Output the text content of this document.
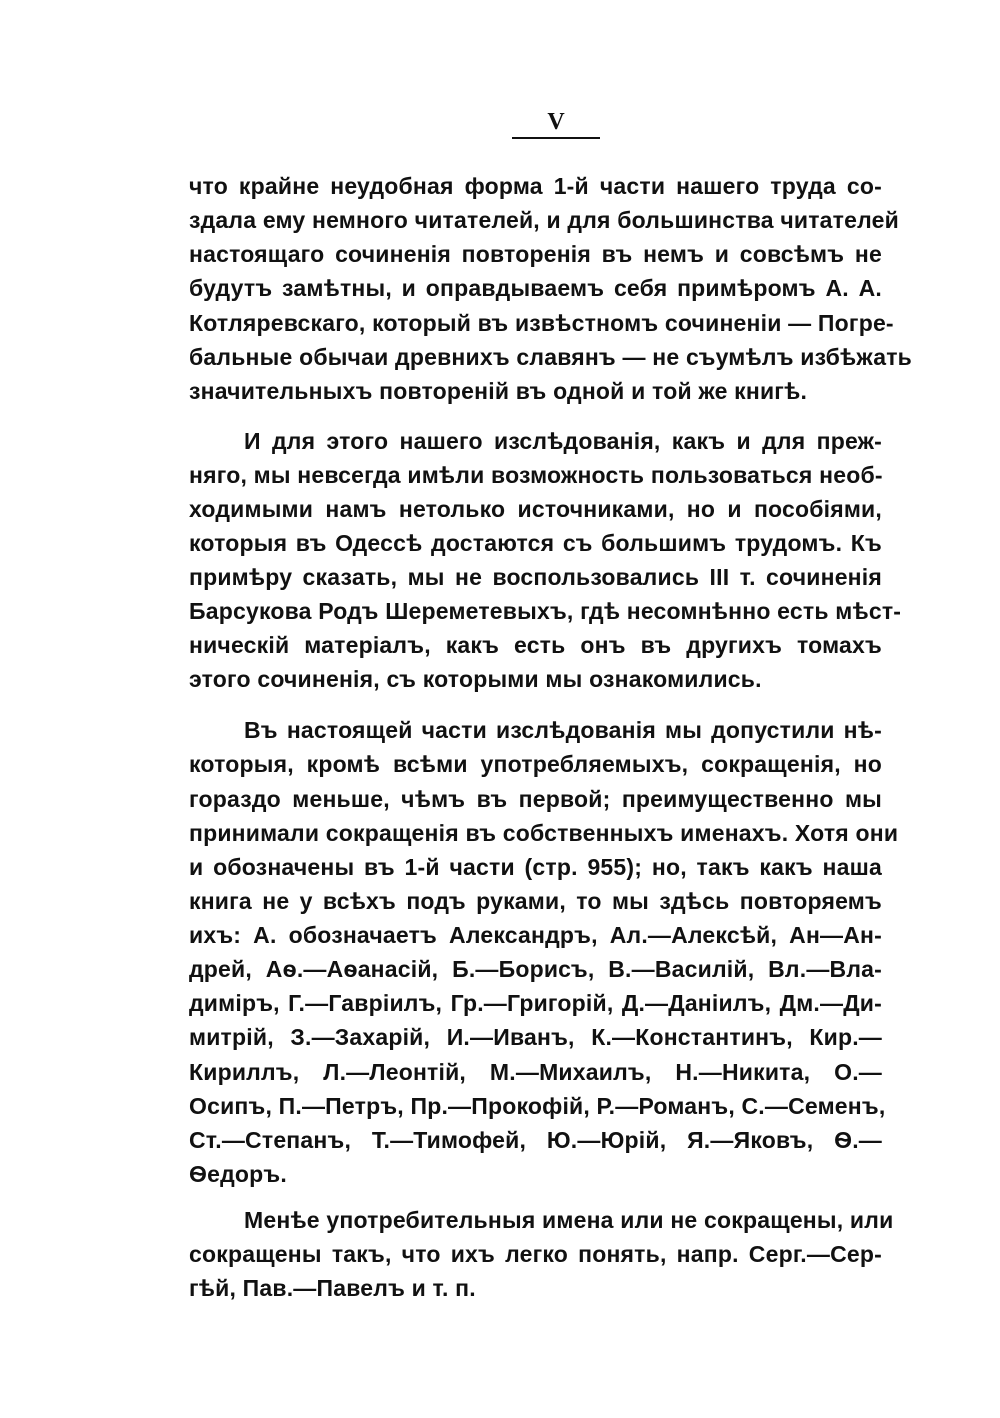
V
что крайне неудобная форма 1-й части нашего труда со-
здала ему немного читателей, и для большинства читателей
настоящаго сочиненія повторенія въ немъ и совсѣмъ не
будутъ замѣтны, и оправдываемъ себя примѣромъ А. А.
Котляревскаго, который въ извѣстномъ сочиненіи — Погре-
бальные обычаи древнихъ славянъ — не съумѣлъ избѣжать
значительныхъ повтореній въ одной и той же книгѣ.
И для этого нашего изслѣдованія, какъ и для преж-
няго, мы невсегда имѣли возможность пользоваться необ-
ходимыми намъ нетолько источниками, но и пособіями,
которыя въ Одессѣ достаются съ большимъ трудомъ. Къ
примѣру сказать, мы не воспользовались III т. сочиненія
Барсукова Родъ Шереметевыхъ, гдѣ несомнѣнно есть мѣст-
ническій матеріалъ, какъ есть онъ въ другихъ томахъ
этого сочиненія, съ которыми мы ознакомились.
Въ настоящей части изслѣдованія мы допустили нѣ-
которыя, кромѣ всѣми употребляемыхъ, сокращенія, но
гораздо меньше, чѣмъ въ первой; преимущественно мы
принимали сокращенія въ собственныхъ именахъ. Хотя они
и обозначены въ 1-й части (стр. 955); но, такъ какъ наша
книга не у всѣхъ подъ руками, то мы здѣсь повторяемъ
ихъ: А. обозначаетъ Александръ, Ал.—Алексѣй, Ан—Ан-
дрей, Аѳ.—Аѳанасій, Б.—Борисъ, В.—Василій, Вл.—Вла-
диміръ, Г.—Гавріилъ, Гр.—Григорій, Д.—Даніилъ, Дм.—Ди-
митрій, З.—Захарій, И.—Иванъ, К.—Константинъ, Кир.—
Кириллъ, Л.—Леонтій, М.—Михаилъ, Н.—Никита, О.—
Осипъ, П.—Петръ, Пр.—Прокофій, Р.—Романъ, С.—Семенъ,
Ст.—Степанъ, Т.—Тимофей, Ю.—Юрій, Я.—Яковъ, Ѳ.—
Ѳедоръ.
Менѣе употребительныя имена или не сокращены, или
сокращены такъ, что ихъ легко понять, напр. Серг.—Сер-
гѣй, Пав.—Павелъ и т. п.
